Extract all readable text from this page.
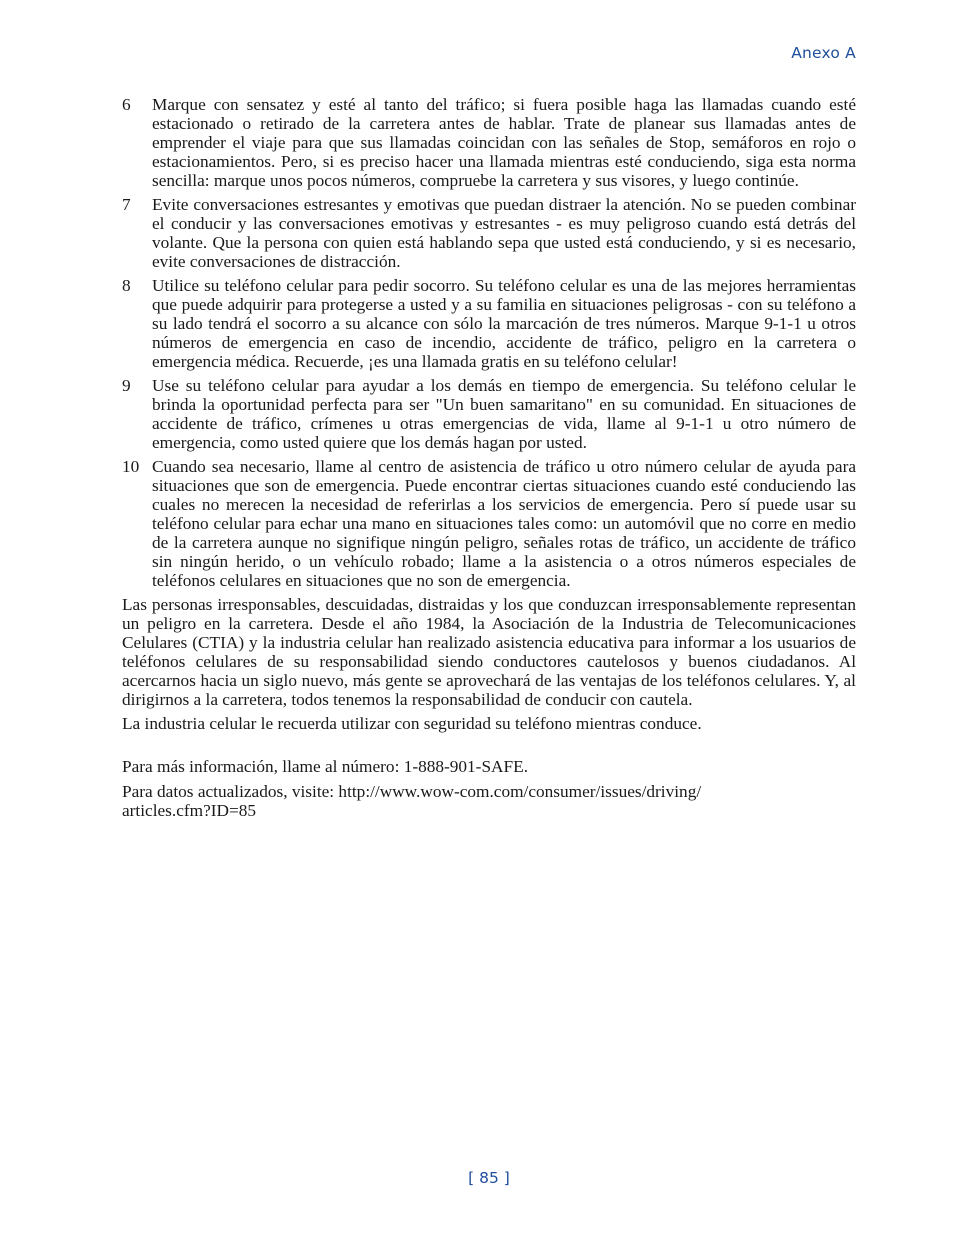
Anexo A
6	Marque con sensatez y esté al tanto del tráfico; si fuera posible haga las llamadas cuando esté estacionado o retirado de la carretera antes de hablar. Trate de planear sus llamadas antes de emprender el viaje para que sus llamadas coincidan con las señales de Stop, semáforos en rojo o estacionamientos. Pero, si es preciso hacer una llamada mientras esté conduciendo, siga esta norma sencilla: marque unos pocos números, compruebe la carretera y sus visores, y luego continúe.
7	Evite conversaciones estresantes y emotivas que puedan distraer la atención. No se pueden combinar el conducir y las conversaciones emotivas y estresantes - es muy peligroso cuando está detrás del volante. Que la persona con quien está hablando sepa que usted está conduciendo, y si es necesario, evite conversaciones de distracción.
8	Utilice su teléfono celular para pedir socorro. Su teléfono celular es una de las mejores herramientas que puede adquirir para protegerse a usted y a su familia en situaciones peligrosas - con su teléfono a su lado tendrá el socorro a su alcance con sólo la marcación de tres números. Marque 9-1-1 u otros números de emergencia en caso de incendio, accidente de tráfico, peligro en la carretera o emergencia médica. Recuerde, ¡es una llamada gratis en su teléfono celular!
9	Use su teléfono celular para ayudar a los demás en tiempo de emergencia. Su teléfono celular le brinda la oportunidad perfecta para ser "Un buen samaritano" en su comunidad. En situaciones de accidente de tráfico, crímenes u otras emergencias de vida, llame al 9-1-1 u otro número de emergencia, como usted quiere que los demás hagan por usted.
10 Cuando sea necesario, llame al centro de asistencia de tráfico u otro número celular de ayuda para situaciones que son de emergencia. Puede encontrar ciertas situaciones cuando esté conduciendo las cuales no merecen la necesidad de referirlas a los servicios de emergencia. Pero sí puede usar su teléfono celular para echar una mano en situaciones tales como: un automóvil que no corre en medio de la carretera aunque no signifique ningún peligro, señales rotas de tráfico, un accidente de tráfico sin ningún herido, o un vehículo robado; llame a la asistencia o a otros números especiales de teléfonos celulares en situaciones que no son de emergencia.

Las personas irresponsables, descuidadas, distraidas y los que conduzcan irresponsablemente representan un peligro en la carretera. Desde el año 1984, la Asociación de la Industria de Telecomunicaciones Celulares (CTIA) y la industria celular han realizado asistencia educativa para informar a los usuarios de teléfonos celulares de su responsabilidad siendo conductores cautelosos y buenos ciudadanos. Al acercarnos hacia un siglo nuevo, más gente se aprovechará de las ventajas de los teléfonos celulares. Y, al dirigirnos a la carretera, todos tenemos la responsabilidad de conducir con cautela.

La industria celular le recuerda utilizar con seguridad su teléfono mientras conduce.

Para más información, llame al número: 1-888-901-SAFE.

Para datos actualizados, visite: http://www.wow-com.com/consumer/issues/driving/
articles.cfm?ID=85

[ 85 ]
